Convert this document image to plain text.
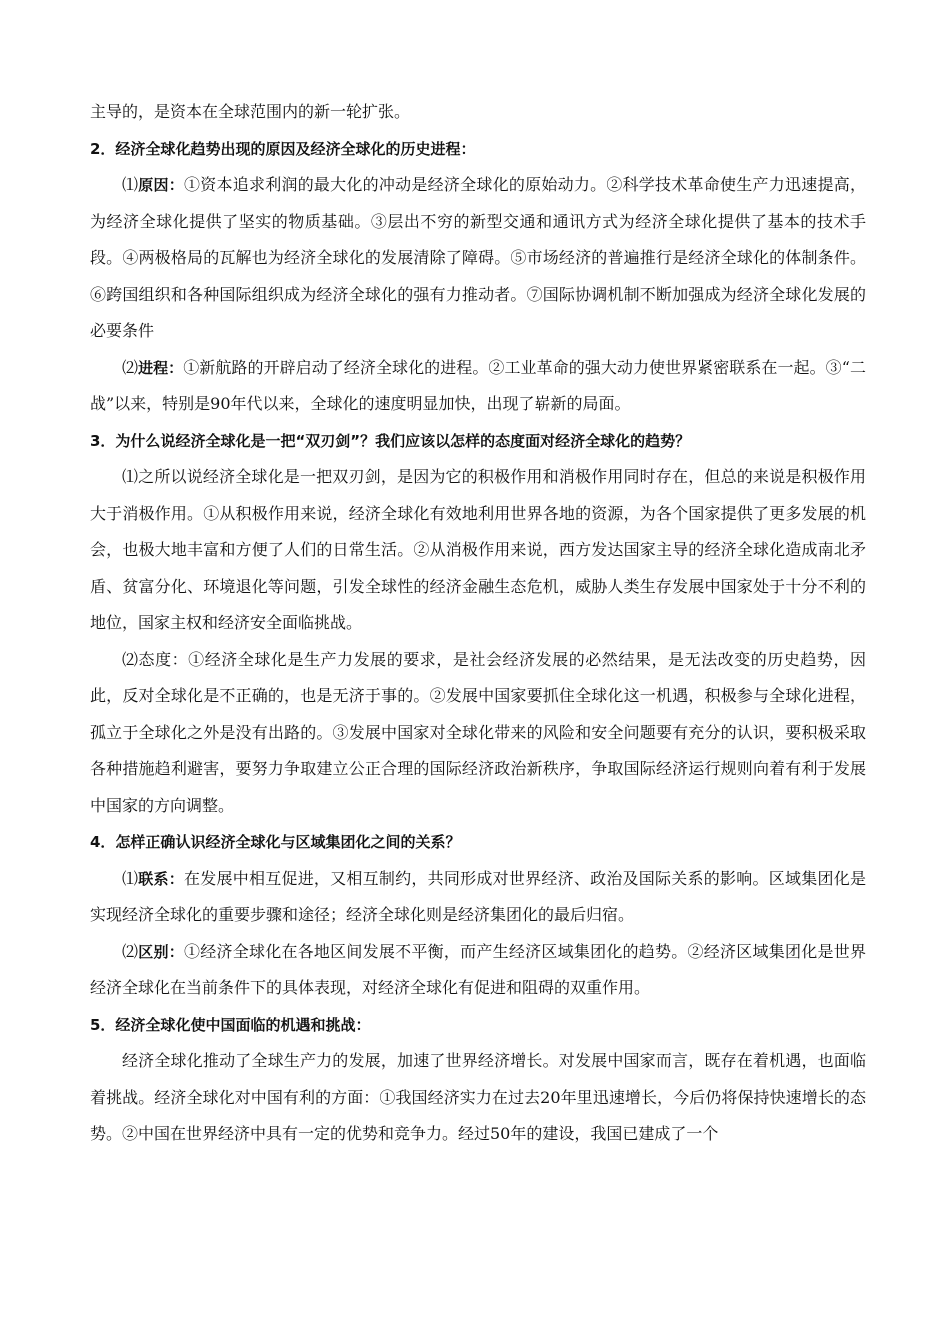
主导的，是资本在全球范围内的新一轮扩张。

2．经济全球化趋势出现的原因及经济全球化的历史进程：

⑴原因：①资本追求利润的最大化的冲动是经济全球化的原始动力。②科学技术革命使生产力迅速提高，为经济全球化提供了坚实的物质基础。③层出不穷的新型交通和通讯方式为经济全球化提供了基本的技术手段。④两极格局的瓦解也为经济全球化的发展清除了障碍。⑤市场经济的普遍推行是经济全球化的体制条件。⑥跨国组织和各种国际组织成为经济全球化的强有力推动者。⑦国际协调机制不断加强成为经济全球化发展的必要条件

⑵进程：①新航路的开辟启动了经济全球化的进程。②工业革命的强大动力使世界紧密联系在一起。③“二战”以来，特别是90年代以来，全球化的速度明显加快，出现了崭新的局面。

3．为什么说经济全球化是一把“双刃剑”？我们应该以怎样的态度面对经济全球化的趋势？

⑴之所以说经济全球化是一把双刃剑，是因为它的积极作用和消极作用同时存在，但总的来说是积极作用大于消极作用。①从积极作用来说，经济全球化有效地利用世界各地的资源，为各个国家提供了更多发展的机会，也极大地丰富和方便了人们的日常生活。②从消极作用来说，西方发达国家主导的经济全球化造成南北矛盾、贫富分化、环境退化等问题，引发全球性的经济金融生态危机，威胁人类生存发展中国家处于十分不利的地位，国家主权和经济安全面临挑战。

⑵态度：①经济全球化是生产力发展的要求，是社会经济发展的必然结果，是无法改变的历史趋势，因此，反对全球化是不正确的，也是无济于事的。②发展中国家要抓住全球化这一机遇，积极参与全球化进程，孤立于全球化之外是没有出路的。③发展中国家对全球化带来的风险和安全问题要有充分的认识，要积极采取各种措施趋利避害，要努力争取建立公正合理的国际经济政治新秩序，争取国际经济运行规则向着有利于发展中国家的方向调整。

4．怎样正确认识经济全球化与区域集团化之间的关系？

⑴联系：在发展中相互促进，又相互制约，共同形成对世界经济、政治及国际关系的影响。区域集团化是实现经济全球化的重要步骤和途径；经济全球化则是经济集团化的最后归宿。

⑵区别：①经济全球化在各地区间发展不平衡，而产生经济区域集团化的趋势。②经济区域集团化是世界经济全球化在当前条件下的具体表现，对经济全球化有促进和阻碍的双重作用。

5．经济全球化使中国面临的机遇和挑战：

经济全球化推动了全球生产力的发展，加速了世界经济增长。对发展中国家而言，既存在着机遇，也面临着挑战。经济全球化对中国有利的方面：①我国经济实力在过去20年里迅速增长，今后仍将保持快速增长的态势。②中国在世界经济中具有一定的优势和竞争力。经过50年的建设，我国已建成了一个
